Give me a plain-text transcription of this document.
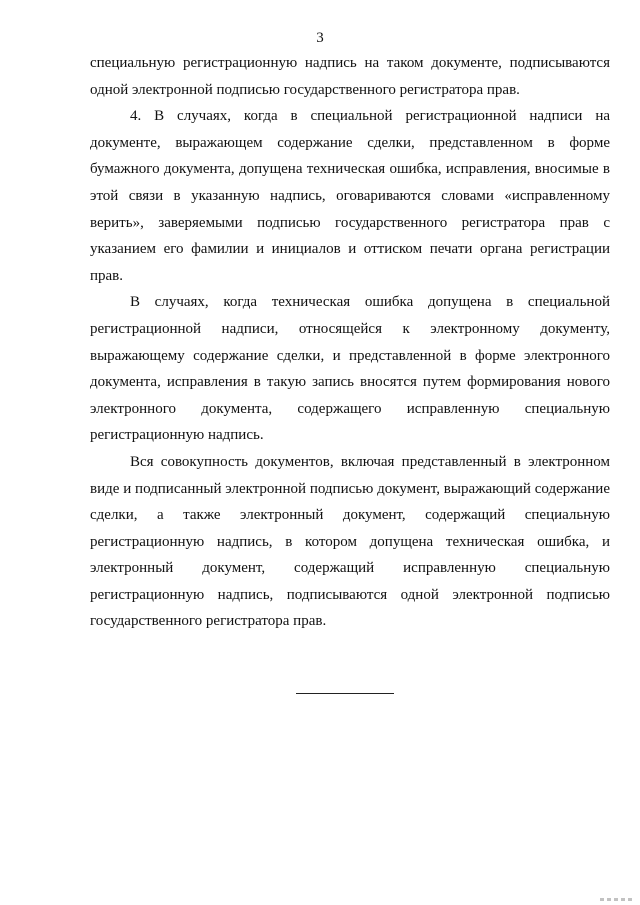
3

специальную регистрационную надпись на таком документе, подписываются одной электронной подписью государственного регистратора прав.

4. В случаях, когда в специальной регистрационной надписи на документе, выражающем содержание сделки, представленном в форме бумажного документа, допущена техническая ошибка, исправления, вносимые в этой связи в указанную надпись, оговариваются словами «исправленному верить», заверяемыми подписью государственного регистратора прав с указанием его фамилии и инициалов и оттиском печати органа регистрации прав.

В случаях, когда техническая ошибка допущена в специальной регистрационной надписи, относящейся к электронному документу, выражающему содержание сделки, и представленной в форме электронного документа, исправления в такую запись вносятся путем формирования нового электронного документа, содержащего исправленную специальную регистрационную надпись.

Вся совокупность документов, включая представленный в электронном виде и подписанный электронной подписью документ, выражающий содержание сделки, а также электронный документ, содержащий специальную регистрационную надпись, в котором допущена техническая ошибка, и электронный документ, содержащий исправленную специальную регистрационную надпись, подписываются одной электронной подписью государственного регистратора прав.
